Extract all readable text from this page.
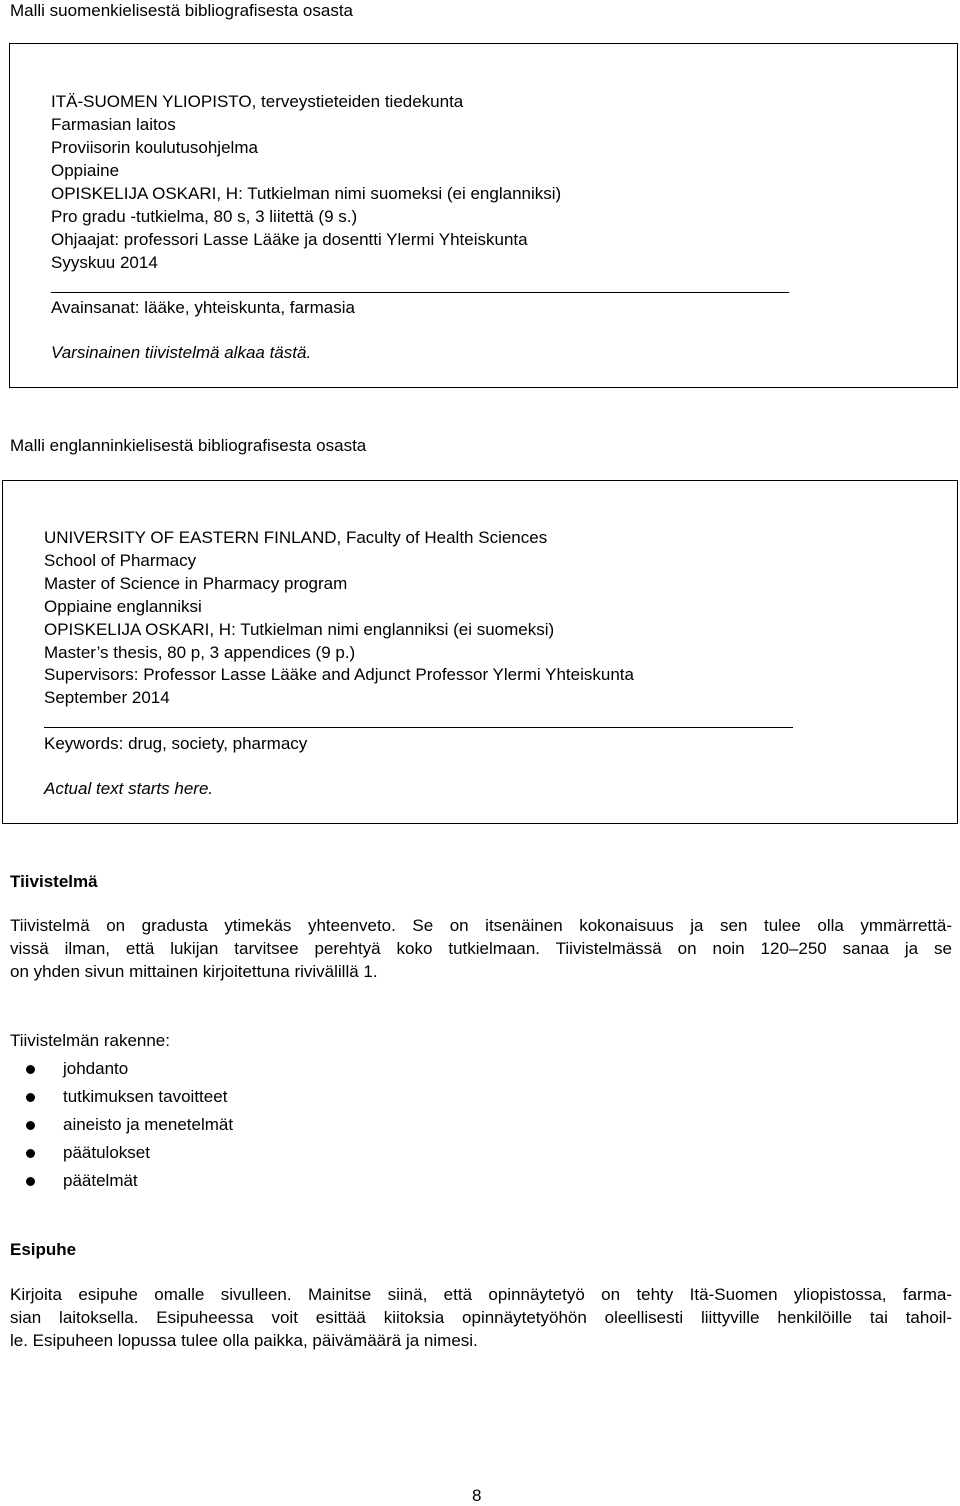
Malli suomenkielisestä bibliografisesta osasta
ITÄ-SUOMEN YLIOPISTO, terveystieteiden tiedekunta
Farmasian laitos
Proviisorin koulutusohjelma
Oppiaine
OPISKELIJA OSKARI, H: Tutkielman nimi suomeksi (ei englanniksi)
Pro gradu -tutkielma, 80 s, 3 liitettä (9 s.)
Ohjaajat: professori Lasse Lääke ja dosentti Ylermi Yhteiskunta
Syyskuu 2014
Avainsanat: lääke, yhteiskunta, farmasia
Varsinainen tiivistelmä alkaa tästä.
Malli englanninkielisestä bibliografisesta osasta
UNIVERSITY OF EASTERN FINLAND, Faculty of Health Sciences
School of Pharmacy
Master of Science in Pharmacy program
Oppiaine englanniksi
OPISKELIJA OSKARI, H: Tutkielman nimi englanniksi (ei suomeksi)
Master’s thesis, 80 p, 3 appendices (9 p.)
Supervisors: Professor Lasse Lääke and Adjunct Professor Ylermi Yhteiskunta
September 2014
Keywords: drug, society, pharmacy
Actual text starts here.
Tiivistelmä
Tiivistelmä on gradusta ytimekäs yhteenveto. Se on itsenäinen kokonaisuus ja sen tulee olla ymmärrettä-
vissä ilman, että lukijan tarvitsee perehtyä koko tutkielmaan. Tiivistelmässä on noin 120–250 sanaa ja se
on yhden sivun mittainen kirjoitettuna rivivälillä 1.
Tiivistelmän rakenne:
johdanto
tutkimuksen tavoitteet
aineisto ja menetelmät
päätulokset
päätelmät
Esipuhe
Kirjoita esipuhe omalle sivulleen. Mainitse siinä, että opinnäytetyö on tehty Itä-Suomen yliopistossa, farma-
sian laitoksella. Esipuheessa voit esittää kiitoksia opinnäytetyöhön oleellisesti liittyville henkilöille tai tahoil-
le. Esipuheen lopussa tulee olla paikka, päivämäärä ja nimesi.
8
